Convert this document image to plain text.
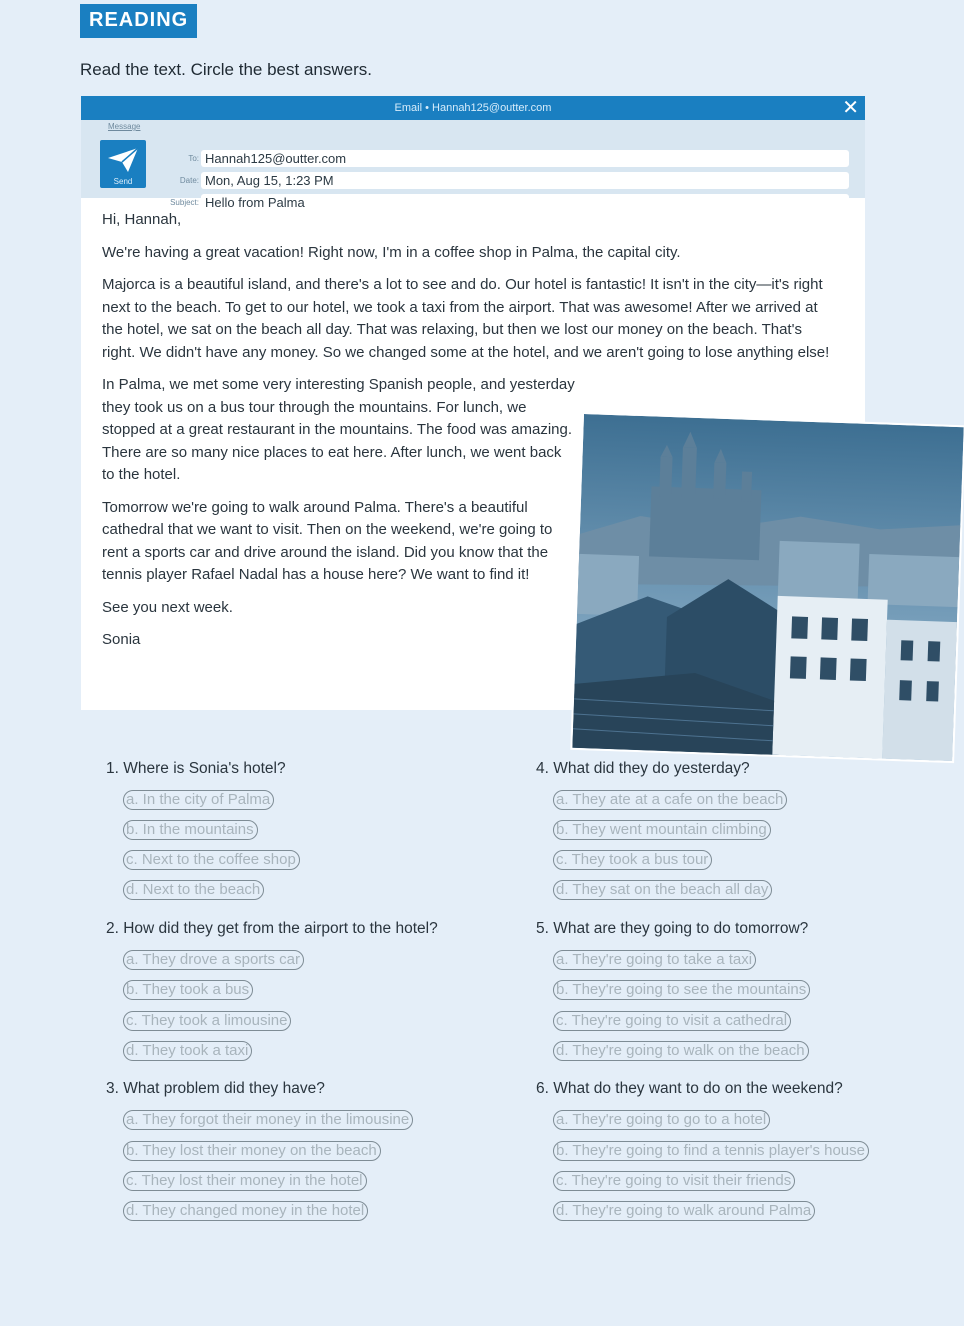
READING
Read the text. Circle the best answers.
Email • Hannah125@outter.com	✕
Message
Send
To: Hannah125@outter.com
Date: Mon, Aug 15, 1:23 PM
Subject: Hello from Palma

Hi, Hannah,

We're having a great vacation! Right now, I'm in a coffee shop in Palma, the capital city.

Majorca is a beautiful island, and there's a lot to see and do. Our hotel is fantastic! It isn't in the city—it's right next to the beach. To get to our hotel, we took a taxi from the airport. That was awesome! After we arrived at the hotel, we sat on the beach all day. That was relaxing, but then we lost our money on the beach. That's right. We didn't have any money. So we changed some at the hotel, and we aren't going to lose anything else!

In Palma, we met some very interesting Spanish people, and yesterday they took us on a bus tour through the mountains. For lunch, we stopped at a great restaurant in the mountains. The food was amazing. There are so many nice places to eat here. After lunch, we went back to the hotel.

Tomorrow we're going to walk around Palma. There's a beautiful cathedral that we want to visit. Then on the weekend, we're going to rent a sports car and drive around the island. Did you know that the tennis player Rafael Nadal has a house here? We want to find it!

See you next week.

Sonia

1. Where is Sonia's hotel?
a. In the city of Palma
b. In the mountains
c. Next to the coffee shop
d. Next to the beach
2. How did they get from the airport to the hotel?
a. They drove a sports car
b. They took a bus
c. They took a limousine
d. They took a taxi
3. What problem did they have?
a. They forgot their money in the limousine
b. They lost their money on the beach
c. They lost their money in the hotel
d. They changed money in the hotel
4. What did they do yesterday?
a. They ate at a cafe on the beach
b. They went mountain climbing
c. They took a bus tour
d. They sat on the beach all day
5. What are they going to do tomorrow?
a. They're going to take a taxi
b. They're going to see the mountains
c. They're going to visit a cathedral
d. They're going to walk on the beach
6. What do they want to do on the weekend?
a. They're going to go to a hotel
b. They're going to find a tennis player's house
c. They're going to visit their friends
d. They're going to walk around Palma
